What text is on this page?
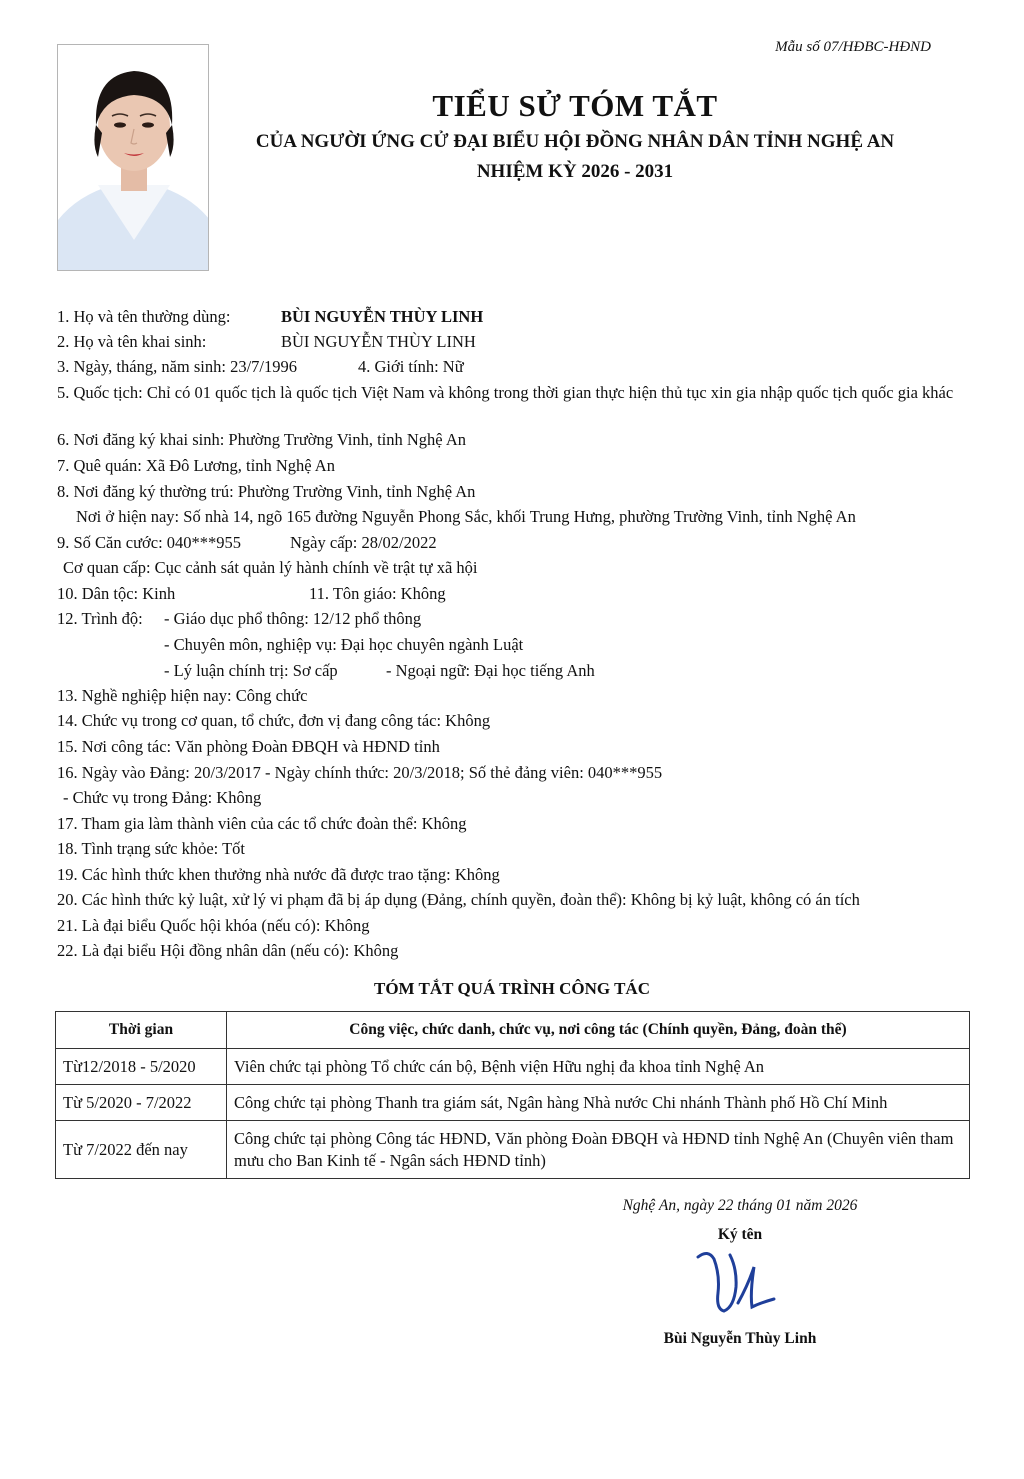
Mẫu số 07/HĐBC-HĐND
TIỂU SỬ TÓM TẮT
CỦA NGƯỜI ỨNG CỬ ĐẠI BIỂU HỘI ĐỒNG NHÂN DÂN TỈNH NGHỆ AN
NHIỆM KỲ 2026 - 2031
1. Họ và tên thường dùng:	BÙI NGUYỄN THÙY LINH
2. Họ và tên khai sinh:	BÙI NGUYỄN THÙY LINH
3. Ngày, tháng, năm sinh: 23/7/1996	4. Giới tính: Nữ
5. Quốc tịch: Chỉ có 01 quốc tịch là quốc tịch Việt Nam và không trong thời gian thực hiện thủ tục xin gia nhập quốc tịch quốc gia khác
6. Nơi đăng ký khai sinh: Phường Trường Vinh, tỉnh Nghệ An
7. Quê quán: Xã Đô Lương, tỉnh Nghệ An
8. Nơi đăng ký thường trú: Phường Trường Vinh, tỉnh Nghệ An
Nơi ở hiện nay: Số nhà 14, ngõ 165 đường Nguyễn Phong Sắc, khối Trung Hưng, phường Trường Vinh, tỉnh Nghệ An
9. Số Căn cước: 040***955	Ngày cấp: 28/02/2022
Cơ quan cấp: Cục cảnh sát quản lý hành chính về trật tự xã hội
10. Dân tộc: Kinh	11. Tôn giáo: Không
12. Trình độ: - Giáo dục phổ thông: 12/12 phổ thông
- Chuyên môn, nghiệp vụ: Đại học chuyên ngành Luật
- Lý luận chính trị: Sơ cấp	- Ngoại ngữ: Đại học tiếng Anh
13. Nghề nghiệp hiện nay: Công chức
14. Chức vụ trong cơ quan, tổ chức, đơn vị đang công tác: Không
15. Nơi công tác: Văn phòng Đoàn ĐBQH và HĐND tỉnh
16. Ngày vào Đảng: 20/3/2017 - Ngày chính thức: 20/3/2018; Số thẻ đảng viên: 040***955
- Chức vụ trong Đảng: Không
17. Tham gia làm thành viên của các tổ chức đoàn thể: Không
18. Tình trạng sức khỏe: Tốt
19. Các hình thức khen thưởng nhà nước đã được trao tặng: Không
20. Các hình thức kỷ luật, xử lý vi phạm đã bị áp dụng (Đảng, chính quyền, đoàn thể): Không bị kỷ luật, không có án tích
21. Là đại biểu Quốc hội khóa (nếu có): Không
22. Là đại biểu Hội đồng nhân dân (nếu có): Không
TÓM TẮT QUÁ TRÌNH CÔNG TÁC
Thời gian	Công việc, chức danh, chức vụ, nơi công tác (Chính quyền, Đảng, đoàn thể)
Từ12/2018 - 5/2020	Viên chức tại phòng Tổ chức cán bộ, Bệnh viện Hữu nghị đa khoa tỉnh Nghệ An
Từ 5/2020 - 7/2022	Công chức tại phòng Thanh tra giám sát, Ngân hàng Nhà nước Chi nhánh Thành phố Hồ Chí Minh
Từ 7/2022 đến nay	Công chức tại phòng Công tác HĐND, Văn phòng Đoàn ĐBQH và HĐND tỉnh Nghệ An (Chuyên viên tham mưu cho Ban Kinh tế - Ngân sách HĐND tỉnh)
Nghệ An, ngày 22 tháng 01 năm 2026
Ký tên
Bùi Nguyễn Thùy Linh
